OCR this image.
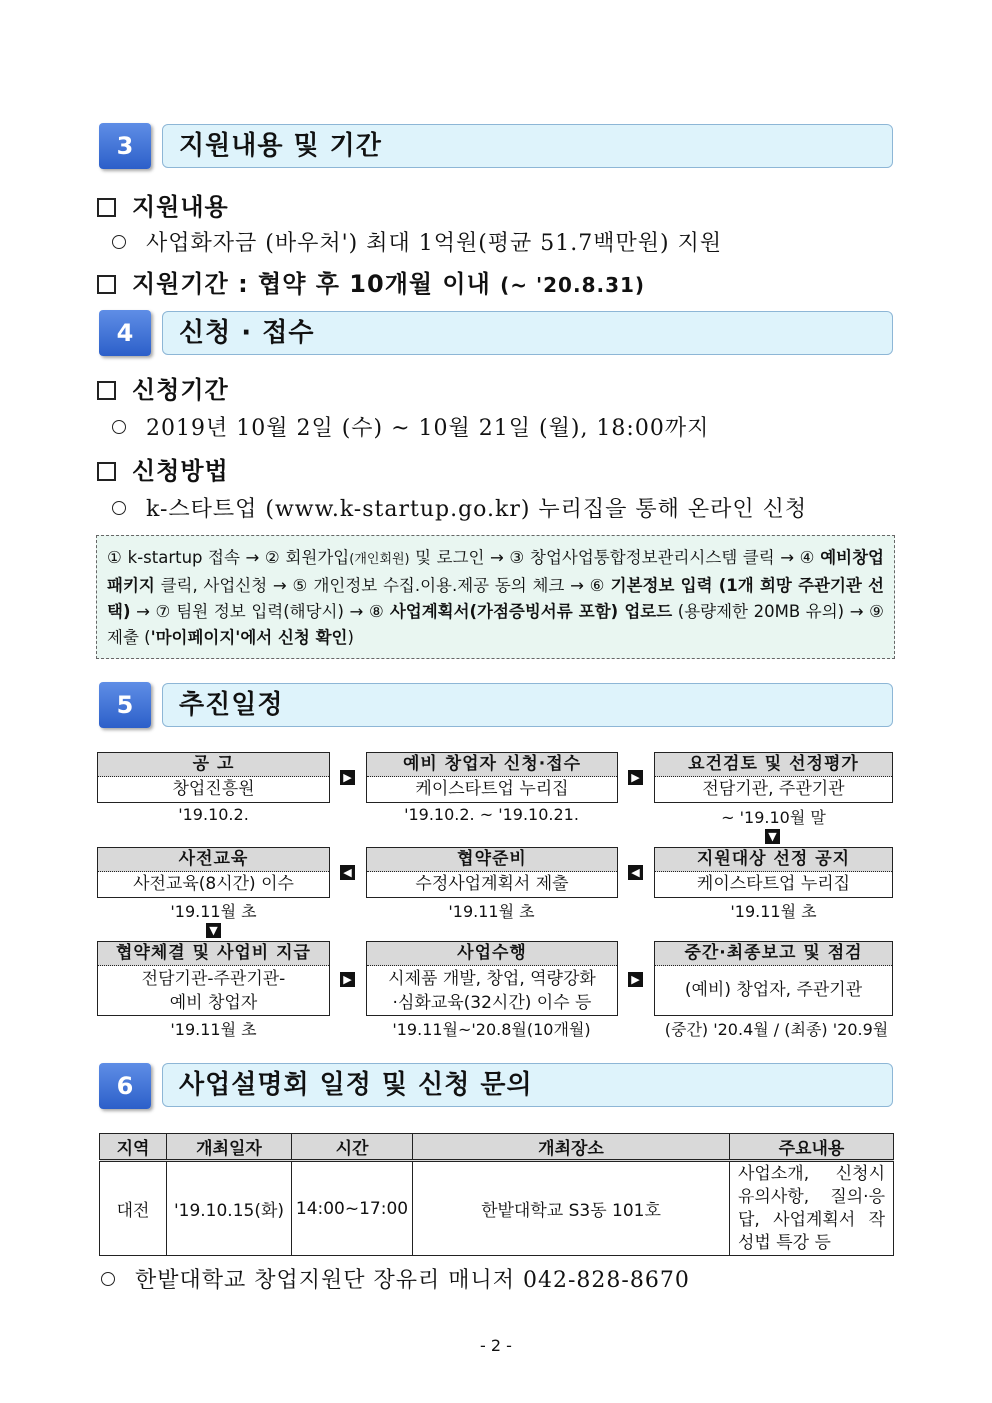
3	지원내용 및 기간
지원내용
사업화자금 (바우처') 최대 1억원(평균 51.7백만원) 지원
지원기간 : 협약 후 10개월 이내 (~ '20.8.31)
4	신청 · 접수
신청기간
2019년 10월 2일 (수) ~ 10월 21일 (월), 18:00까지
신청방법
k-스타트업 (www.k-startup.go.kr) 누리집을 통해 온라인 신청
① k-startup 접속 → ② 회원가입(개인회원) 및 로그인 → ③ 창업사업통합정보관리시스템 클릭 → ④ 예비창업패키지 클릭, 사업신청 → ⑤ 개인정보 수집.이용.제공 동의 체크 → ⑥ 기본정보 입력 (1개 희망 주관기관 선택) → ⑦ 팀원 정보 입력(해당시) → ⑧ 사업계획서(가점증빙서류 포함) 업로드 (용량제한 20MB 유의) → ⑨ 제출 ('마이페이지'에서 신청 확인)
5	추진일정
공 고
창업진흥원
'19.10.2.
▶
예비 창업자 신청·접수
케이스타트업 누리집
'19.10.2. ~ '19.10.21.
▶
요건검토 및 선정평가
전담기관, 주관기관
~ '19.10월 말
▼
사전교육
사전교육(8시간) 이수
'19.11월 초
◀
협약준비
수정사업계획서 제출
'19.11월 초
◀
지원대상 선정 공지
케이스타트업 누리집
'19.11월 초
▼
협약체결 및 사업비 지급
전담기관-주관기관-
예비 창업자
'19.11월 초
▶
사업수행
시제품 개발, 창업, 역량강화
·심화교육(32시간) 이수 등
'19.11월~'20.8월(10개월)
▶
중간·최종보고 및 점검
(예비) 창업자, 주관기관
(중간) '20.4월 / (최종) '20.9월
6	사업설명회 일정 및 신청 문의
지역	개최일자	시간	개최장소	주요내용
대전	'19.10.15(화)	14:00~17:00	한밭대학교 S3동 101호	사업소개, 신청시 유의사항, 질의·응답, 사업계획서 작성법 특강 등
한밭대학교 창업지원단 장유리 매니저 042-828-8670
- 2 -
